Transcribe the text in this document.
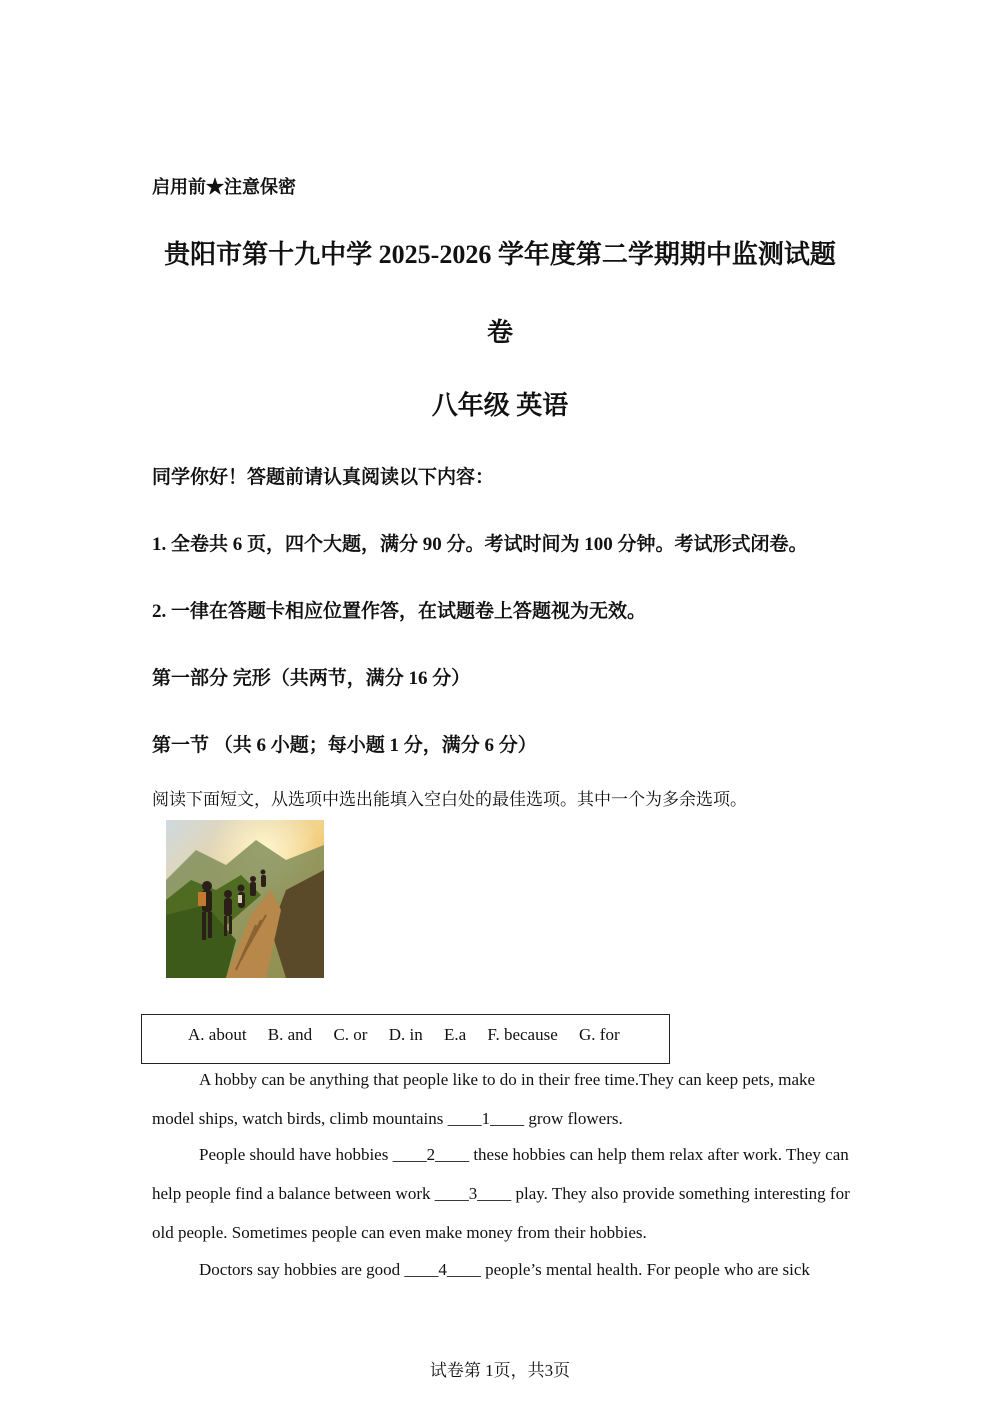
启用前★注意保密
贵阳市第十九中学 2025-2026 学年度第二学期期中监测试题
卷
八年级 英语
同学你好！答题前请认真阅读以下内容：
1. 全卷共 6 页，四个大题，满分 90 分。考试时间为 100 分钟。考试形式闭卷。
2. 一律在答题卡相应位置作答，在试题卷上答题视为无效。
第一部分 完形（共两节，满分 16 分）
第一节 （共 6 小题；每小题 1 分，满分 6 分）
阅读下面短文，从选项中选出能填入空白处的最佳选项。其中一个为多余选项。
A. about B. and C. or D. in E.a F. because G. for
A hobby can be anything that people like to do in their free time.They can keep pets, make model ships, watch birds, climb mountains ____1____ grow flowers.
People should have hobbies ____2____ these hobbies can help them relax after work. They can help people find a balance between work ____3____ play. They also provide something interesting for old people. Sometimes people can even make money from their hobbies.
Doctors say hobbies are good ____4____ people’s mental health. For people who are sick
试卷第 1页，共3页
